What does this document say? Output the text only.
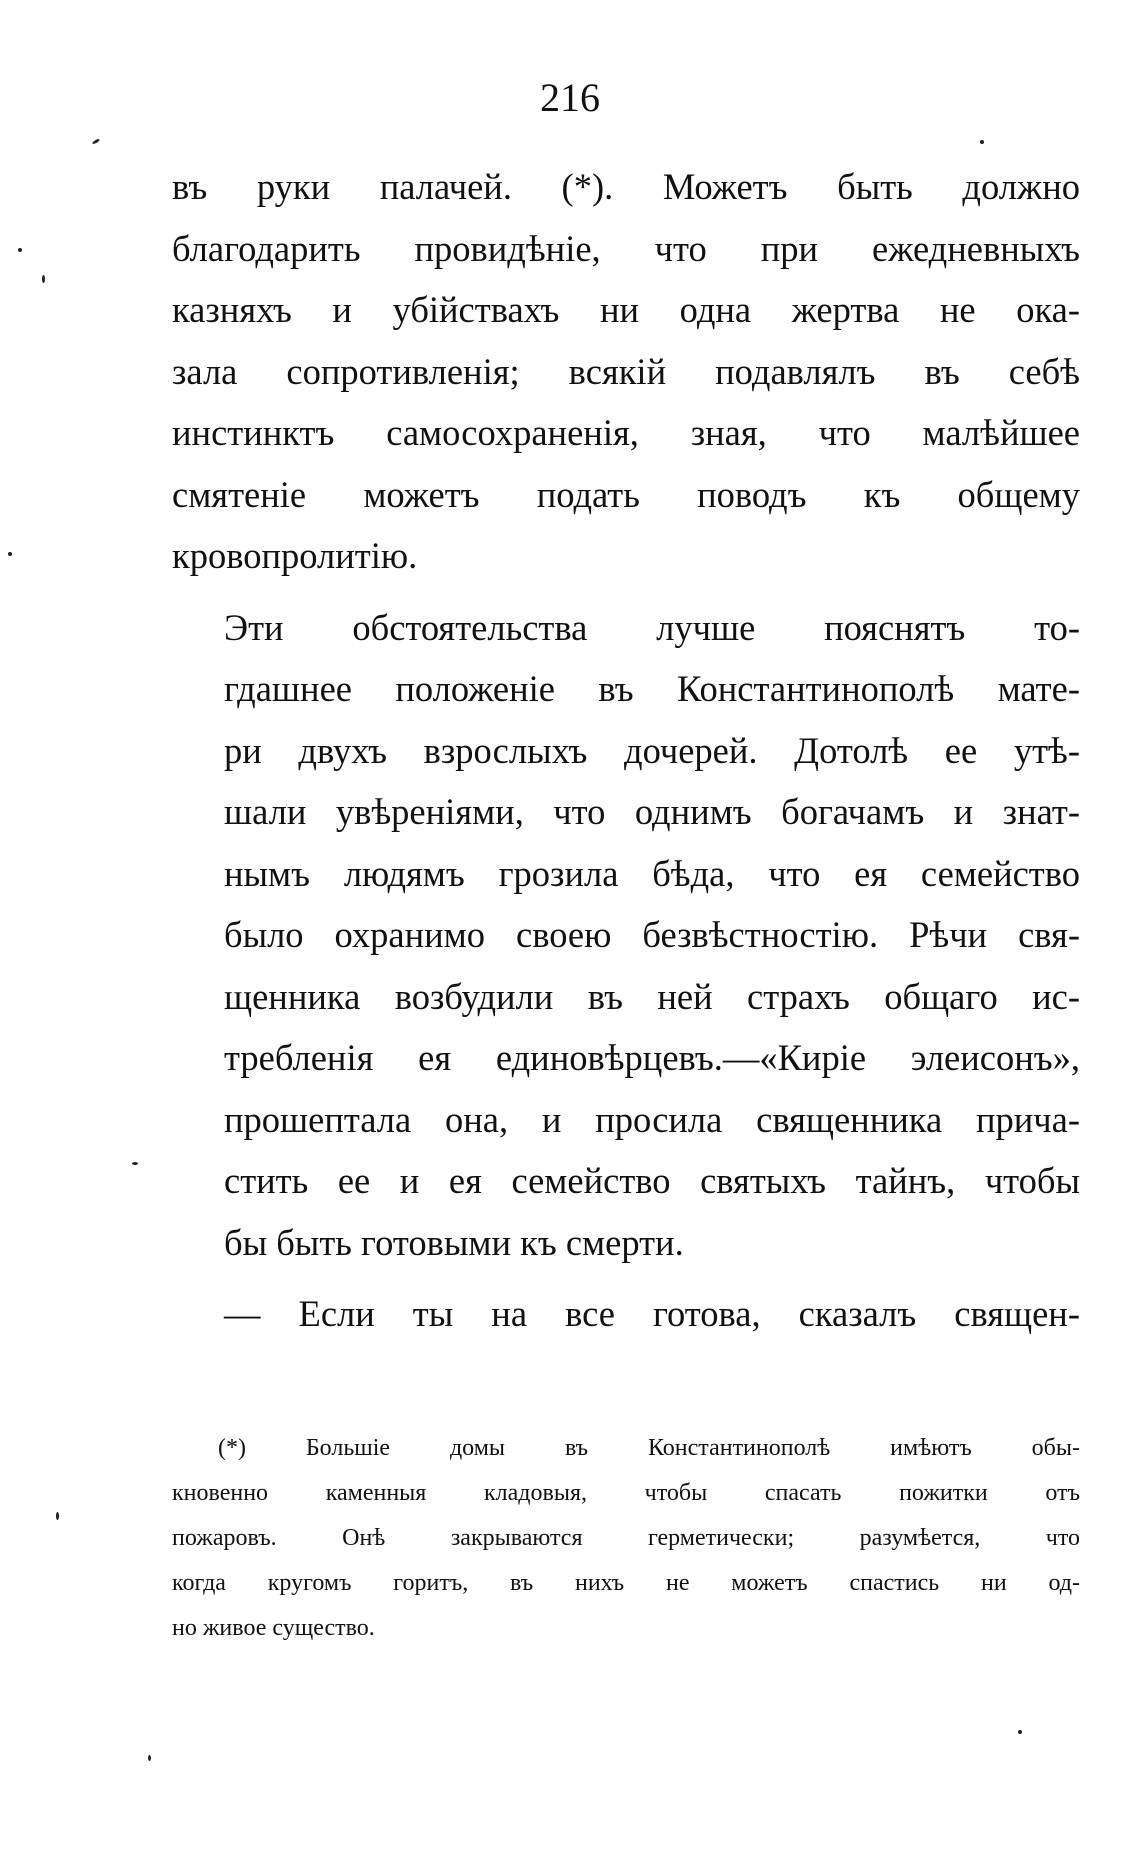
216

въ руки палачей. (*). Можетъ быть должно
благодарить провидѣніе, что при ежедневныхъ
казняхъ и убійствахъ ни одна жертва не ока-
зала сопротивленія; всякій подавлялъ въ себѣ
инстинктъ самосохраненія, зная, что малѣйшее
смятеніе можетъ подать поводъ къ общему
кровопролитію.

Эти обстоятельства лучше пояснятъ то-
гдашнее положеніе въ Константинополѣ мате-
ри двухъ взрослыхъ дочерей. Дотолѣ ее утѣ-
шали увѣреніями, что однимъ богачамъ и знат-
нымъ людямъ грозила бѣда, что ея семейство
было охранимо своею безвѣстностію. Рѣчи свя-
щенника возбудили въ ней страхъ общаго ис-
требленія ея единовѣрцевъ.—«Киріе элеисонъ»,
прошептала она, и просила священника прича-
стить ее и ея семейство святыхъ тайнъ, чтобы
бы быть готовыми къ смерти.

— Если ты на все готова, сказалъ священ-

(*) Большіе домы въ Константинополѣ имѣютъ обы-
кновенно каменныя кладовыя, чтобы спасать пожитки отъ
пожаровъ. Онѣ закрываются герметически; разумѣется, что
когда кругомъ горитъ, въ нихъ не можетъ спастись ни од-
но живое существо.
